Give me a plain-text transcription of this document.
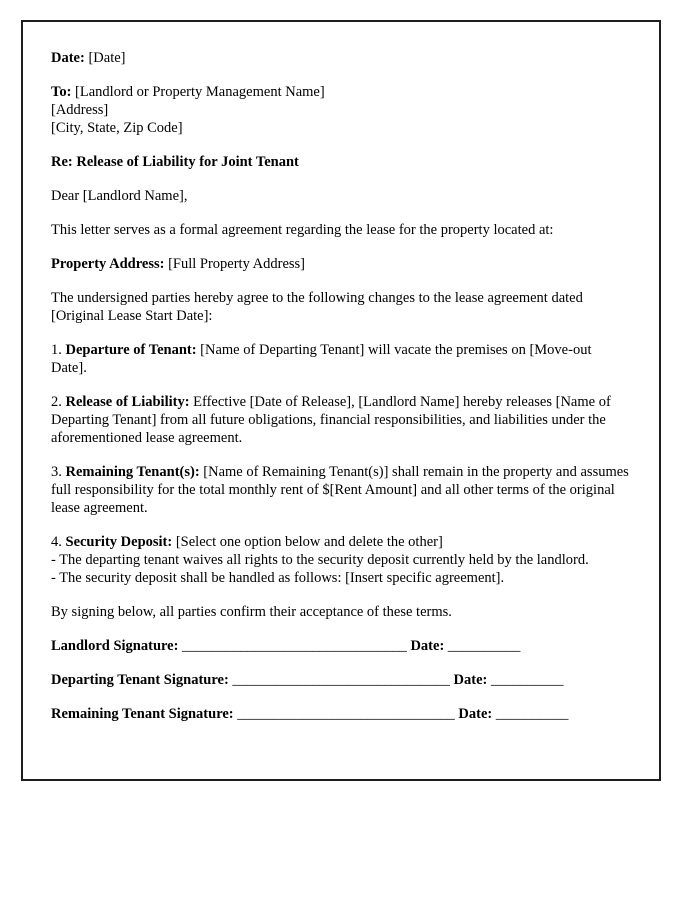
Date: [Date]

To: [Landlord or Property Management Name]
[Address]
[City, State, Zip Code]

Re: Release of Liability for Joint Tenant

Dear [Landlord Name],

This letter serves as a formal agreement regarding the lease for the property located at:

Property Address: [Full Property Address]

The undersigned parties hereby agree to the following changes to the lease agreement dated [Original Lease Start Date]:

1. Departure of Tenant: [Name of Departing Tenant] will vacate the premises on [Move-out Date].

2. Release of Liability: Effective [Date of Release], [Landlord Name] hereby releases [Name of Departing Tenant] from all future obligations, financial responsibilities, and liabilities under the aforementioned lease agreement.

3. Remaining Tenant(s): [Name of Remaining Tenant(s)] shall remain in the property and assumes full responsibility for the total monthly rent of $[Rent Amount] and all other terms of the original lease agreement.

4. Security Deposit: [Select one option below and delete the other]
- The departing tenant waives all rights to the security deposit currently held by the landlord.
- The security deposit shall be handled as follows: [Insert specific agreement].

By signing below, all parties confirm their acceptance of these terms.

Landlord Signature: _______________________________ Date: __________

Departing Tenant Signature: ______________________________ Date: __________

Remaining Tenant Signature: ______________________________ Date: __________
